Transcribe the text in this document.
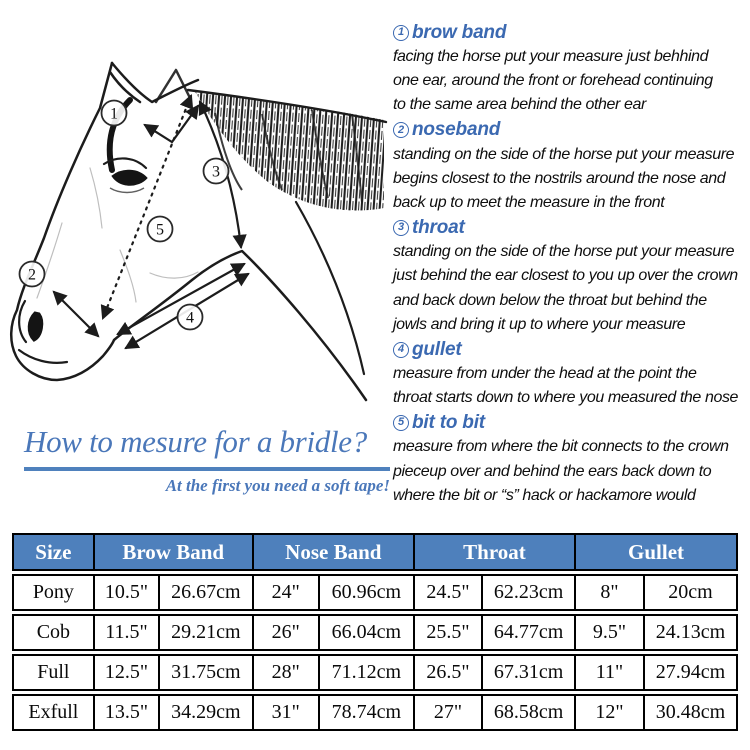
1
2
3
4
5
How to mesure for a bridle?
At the first you need a soft tape!
1 brow band
facing the horse put your measure just behhind
one ear, around the front or forehead continuing
to the same area behind the other ear
2 noseband
standing on the side of the horse put your measure
begins closest to the nostrils around the nose and
back up to meet the measure in the front
3 throat
standing on the side of the horse put your measure
just behind the ear closest to you up over the crown
and back down below the throat but behind the
jowls and bring it up to where your measure
4 gullet
measure from under the head at the point the
throat starts down to where you measured the nose
5 bit to bit
measure from where the bit connects to the crown
pieceup over and behind the ears back down to
where the bit or “s” hack or hackamore would
Size	Brow Band		Nose Band		Throat		Gullet	
Pony	10.5"	26.67cm	24"	60.96cm	24.5"	62.23cm	8"	20cm
Cob	11.5"	29.21cm	26"	66.04cm	25.5"	64.77cm	9.5"	24.13cm
Full	12.5"	31.75cm	28"	71.12cm	26.5"	67.31cm	11"	27.94cm
Exfull	13.5"	34.29cm	31"	78.74cm	27"	68.58cm	12"	30.48cm
